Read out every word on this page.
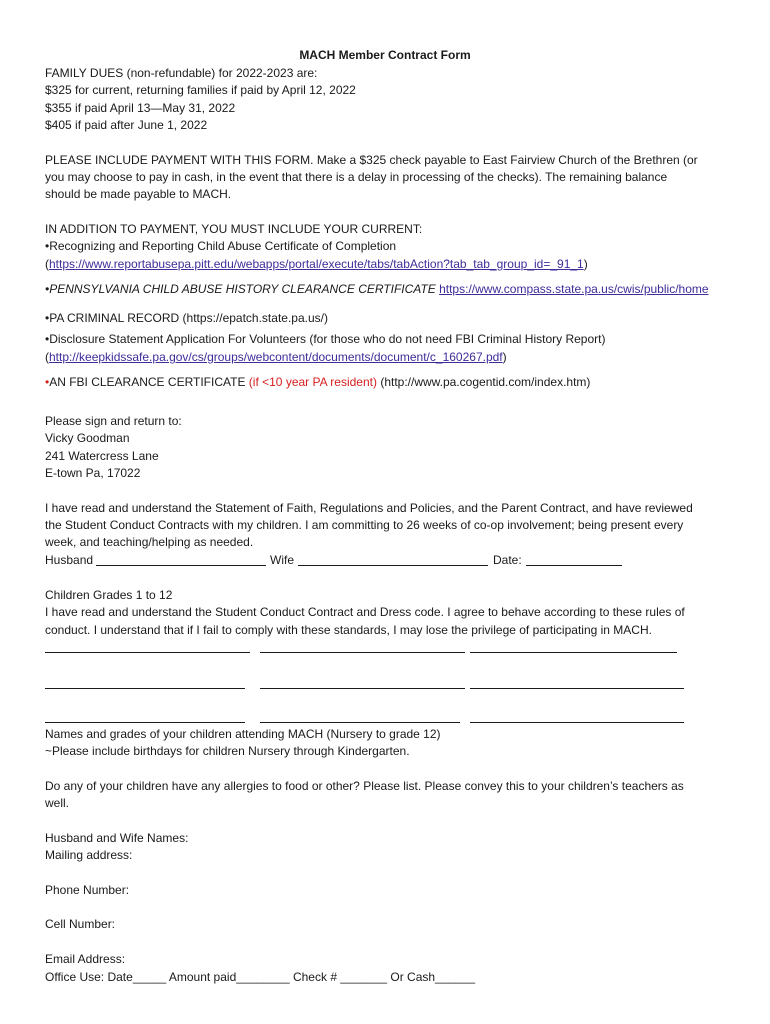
MACH Member Contract Form

FAMILY DUES (non-refundable) for 2022-2023 are:

$325 for current, returning families if paid by April 12, 2022

$355 if paid April 13—May 31, 2022

$405 if paid after June 1, 2022

PLEASE INCLUDE PAYMENT WITH THIS FORM. Make a $325 check payable to East Fairview Church of the Brethren (or

you may choose to pay in cash, in the event that there is a delay in processing of the checks). The remaining balance

should be made payable to MACH.

IN ADDITION TO PAYMENT, YOU MUST INCLUDE YOUR CURRENT:

•Recognizing and Reporting Child Abuse Certificate of Completion

(https://www.reportabusepa.pitt.edu/webapps/portal/execute/tabs/tabAction?tab_tab_group_id=_91_1)

•PENNSYLVANIA CHILD ABUSE HISTORY CLEARANCE CERTIFICATE https://www.compass.state.pa.us/cwis/public/home

•PA CRIMINAL RECORD (https://epatch.state.pa.us/)

•Disclosure Statement Application For Volunteers (for those who do not need FBI Criminal History Report)

(http://keepkidssafe.pa.gov/cs/groups/webcontent/documents/document/c_160267.pdf)

•AN FBI CLEARANCE CERTIFICATE (if <10 year PA resident) (http://www.pa.cogentid.com/index.htm)

Please sign and return to:

Vicky Goodman

241 Watercress Lane

E-town Pa, 17022

I have read and understand the Statement of Faith, Regulations and Policies, and the Parent Contract, and have reviewed

the Student Conduct Contracts with my children. I am committing to 26 weeks of co-op involvement; being present every

week, and teaching/helping as needed.

Husband	Wife	Date:

Children Grades 1 to 12

I have read and understand the Student Conduct Contract and Dress code. I agree to behave according to these rules of

conduct. I understand that if I fail to comply with these standards, I may lose the privilege of participating in MACH.

Names and grades of your children attending MACH (Nursery to grade 12)

~Please include birthdays for children Nursery through Kindergarten.

Do any of your children have any allergies to food or other? Please list. Please convey this to your children’s teachers as

well.

Husband and Wife Names:

Mailing address:

Phone Number:

Cell Number:

Email Address:

Office Use: Date_____ Amount paid________ Check # _______ Or Cash______
